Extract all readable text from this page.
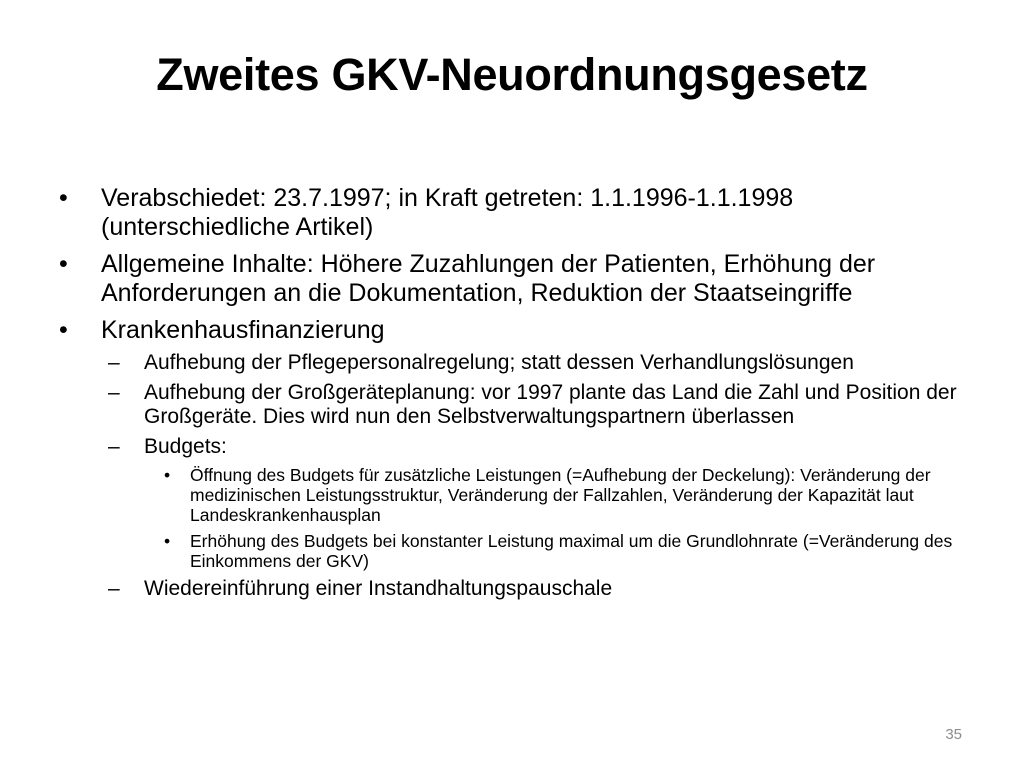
Zweites GKV-Neuordnungsgesetz
•	Verabschiedet: 23.7.1997; in Kraft getreten: 1.1.1996-1.1.1998 (unterschiedliche Artikel)
•	Allgemeine Inhalte: Höhere Zuzahlungen der Patienten, Erhöhung der Anforderungen an die Dokumentation, Reduktion der Staatseingriffe
•	Krankenhausfinanzierung
–	Aufhebung der Pflegepersonalregelung; statt dessen Verhandlungslösungen
–	Aufhebung der Großgeräteplanung: vor 1997 plante das Land die Zahl und Position der Großgeräte. Dies wird nun den Selbstverwaltungspartnern überlassen
–	Budgets:
•	Öffnung des Budgets für zusätzliche Leistungen (=Aufhebung der Deckelung): Veränderung der medizinischen Leistungsstruktur, Veränderung der Fallzahlen, Veränderung der Kapazität laut Landeskrankenhausplan
•	Erhöhung des Budgets bei konstanter Leistung maximal um die Grundlohnrate (=Veränderung des Einkommens der GKV)
–	Wiedereinführung einer Instandhaltungspauschale
35
